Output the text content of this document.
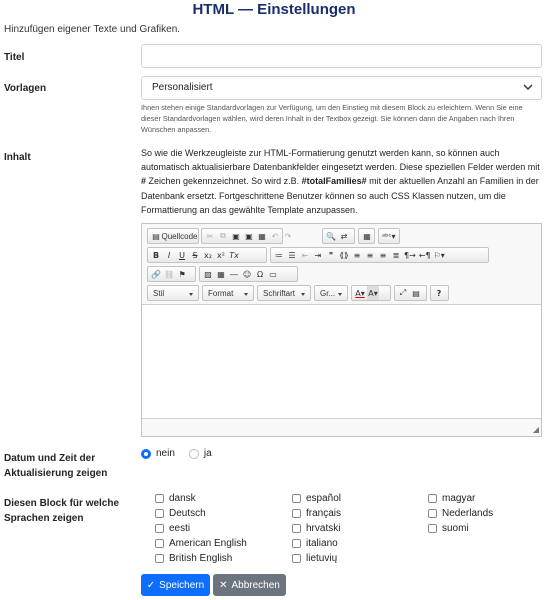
HTML — Einstellungen
Hinzufügen eigener Texte und Grafiken.
Titel
Vorlagen	Personalisiert
Ihnen stehen einige Standardvorlagen zur Verfügung, um den Einstieg mit diesem Block zu erleichtern. Wenn Sie eine dieser Standardvorlagen wählen, wird deren Inhalt in der Textbox gezeigt. Sie können dann die Angaben nach Ihren Wünschen anpassen.
Inhalt	So wie die Werkzeugleiste zur HTML-Formatierung genutzt werden kann, so können auch automatisch aktualisierbare Datenbankfelder eingesetzt werden. Diese speziellen Felder werden mit # Zeichen gekennzeichnet. So wird z.B. #totalFamilies# mit der aktuellen Anzahl an Familien in der Datenbank ersetzt. Fortgeschrittene Benutzer können so auch CSS Klassen nutzen, um die Formattierung an das gewählte Template anzupassen.
▤ Quellcode	✂ ⧉ ▣ ▣ ▦ ↶ ↷	🔍 ⇄	▦ ᵃᵇᶜ▾
B	I	U S x₂ x² Tx	≔ ☰ ⇤ ⇥ ❞ ⟪⟫ ≡ ≡ ≡ ≣ ¶→ ←¶ ⚐▾
🔗 ⛓ ⚑	▨ ▦ ― ☺ Ω ▭
Stil	Format	Schriftart	Gr...	A▾ A▾	⤢ ▤	?
◢
Datum und Zeit der
Aktualisierung zeigen
nein	ja
Diesen Block für welche
Sprachen zeigen
dansk
Deutsch
eesti
American English
British English
español
français
hrvatski
italiano
lietuvių
magyar
Nederlands
suomi
✓ Speichern ✕ Abbrechen
